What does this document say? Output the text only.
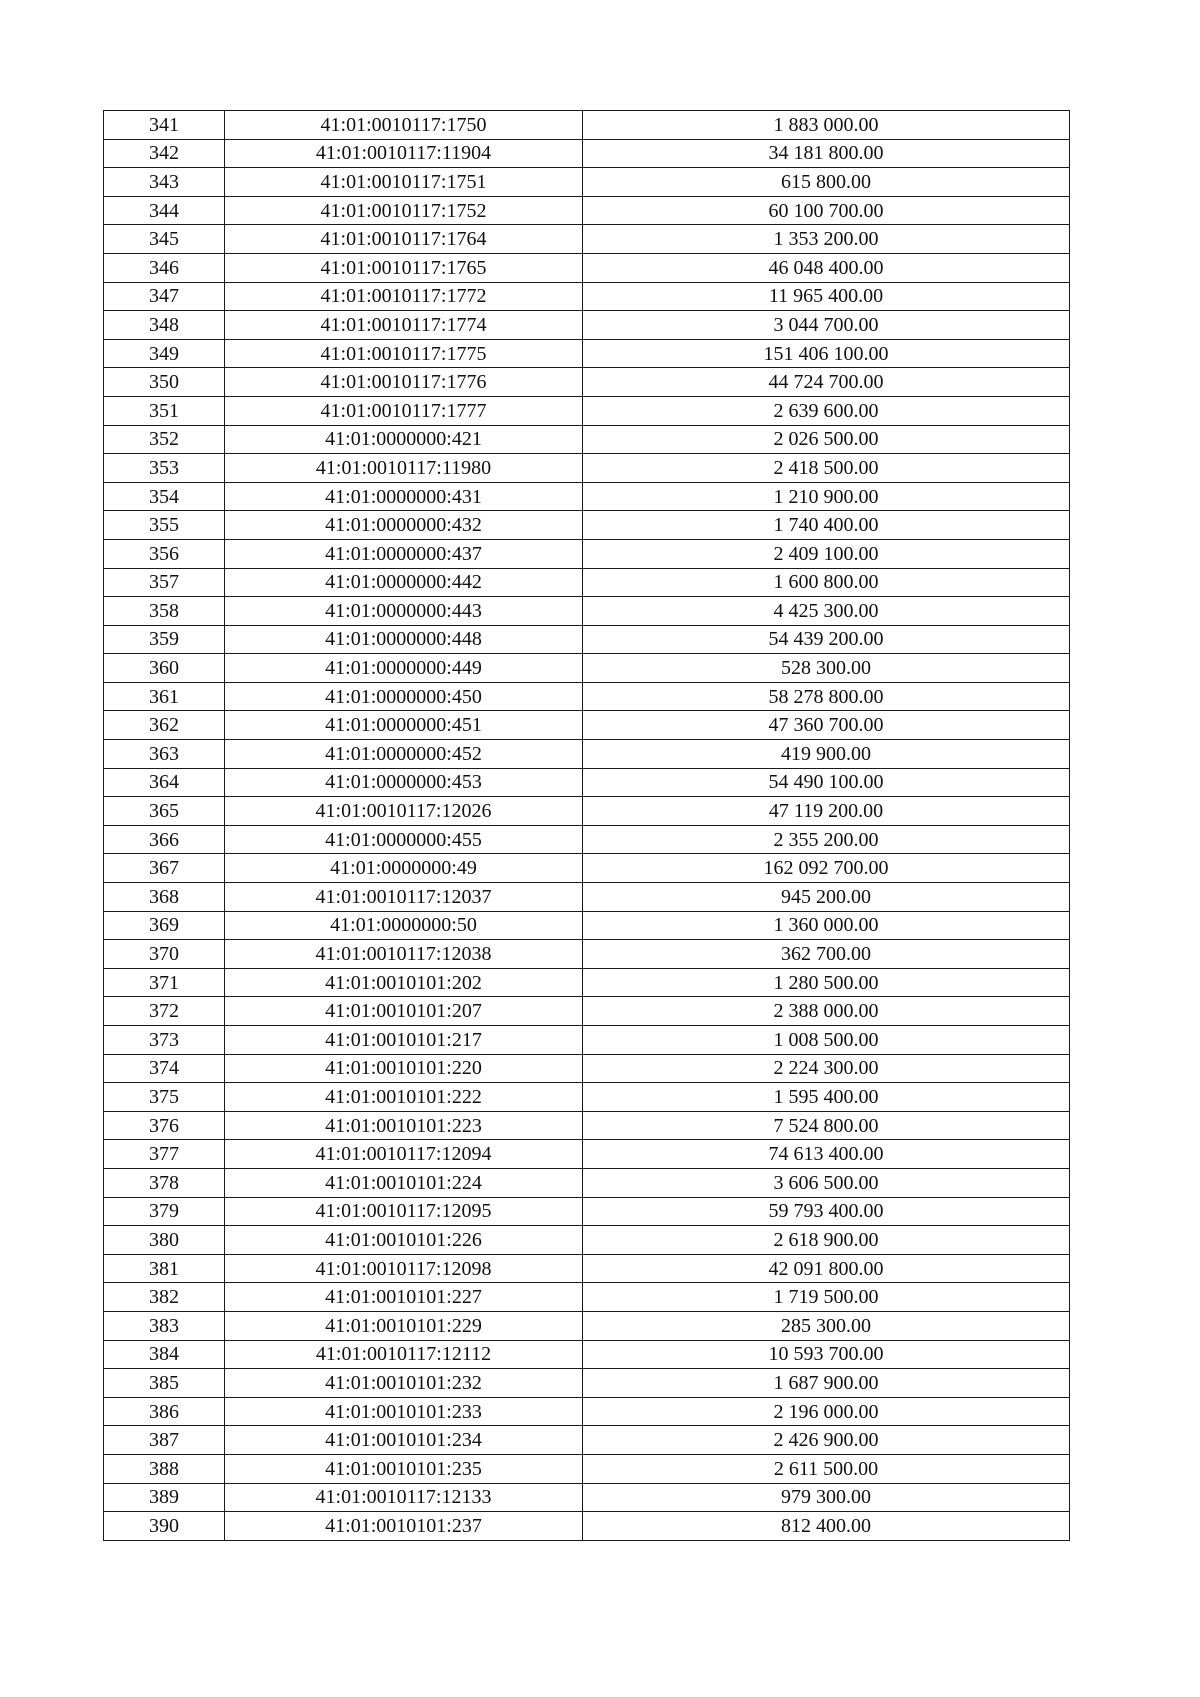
341	41:01:0010117:1750	1 883 000.00
342	41:01:0010117:11904	34 181 800.00
343	41:01:0010117:1751	615 800.00
344	41:01:0010117:1752	60 100 700.00
345	41:01:0010117:1764	1 353 200.00
346	41:01:0010117:1765	46 048 400.00
347	41:01:0010117:1772	11 965 400.00
348	41:01:0010117:1774	3 044 700.00
349	41:01:0010117:1775	151 406 100.00
350	41:01:0010117:1776	44 724 700.00
351	41:01:0010117:1777	2 639 600.00
352	41:01:0000000:421	2 026 500.00
353	41:01:0010117:11980	2 418 500.00
354	41:01:0000000:431	1 210 900.00
355	41:01:0000000:432	1 740 400.00
356	41:01:0000000:437	2 409 100.00
357	41:01:0000000:442	1 600 800.00
358	41:01:0000000:443	4 425 300.00
359	41:01:0000000:448	54 439 200.00
360	41:01:0000000:449	528 300.00
361	41:01:0000000:450	58 278 800.00
362	41:01:0000000:451	47 360 700.00
363	41:01:0000000:452	419 900.00
364	41:01:0000000:453	54 490 100.00
365	41:01:0010117:12026	47 119 200.00
366	41:01:0000000:455	2 355 200.00
367	41:01:0000000:49	162 092 700.00
368	41:01:0010117:12037	945 200.00
369	41:01:0000000:50	1 360 000.00
370	41:01:0010117:12038	362 700.00
371	41:01:0010101:202	1 280 500.00
372	41:01:0010101:207	2 388 000.00
373	41:01:0010101:217	1 008 500.00
374	41:01:0010101:220	2 224 300.00
375	41:01:0010101:222	1 595 400.00
376	41:01:0010101:223	7 524 800.00
377	41:01:0010117:12094	74 613 400.00
378	41:01:0010101:224	3 606 500.00
379	41:01:0010117:12095	59 793 400.00
380	41:01:0010101:226	2 618 900.00
381	41:01:0010117:12098	42 091 800.00
382	41:01:0010101:227	1 719 500.00
383	41:01:0010101:229	285 300.00
384	41:01:0010117:12112	10 593 700.00
385	41:01:0010101:232	1 687 900.00
386	41:01:0010101:233	2 196 000.00
387	41:01:0010101:234	2 426 900.00
388	41:01:0010101:235	2 611 500.00
389	41:01:0010117:12133	979 300.00
390	41:01:0010101:237	812 400.00
